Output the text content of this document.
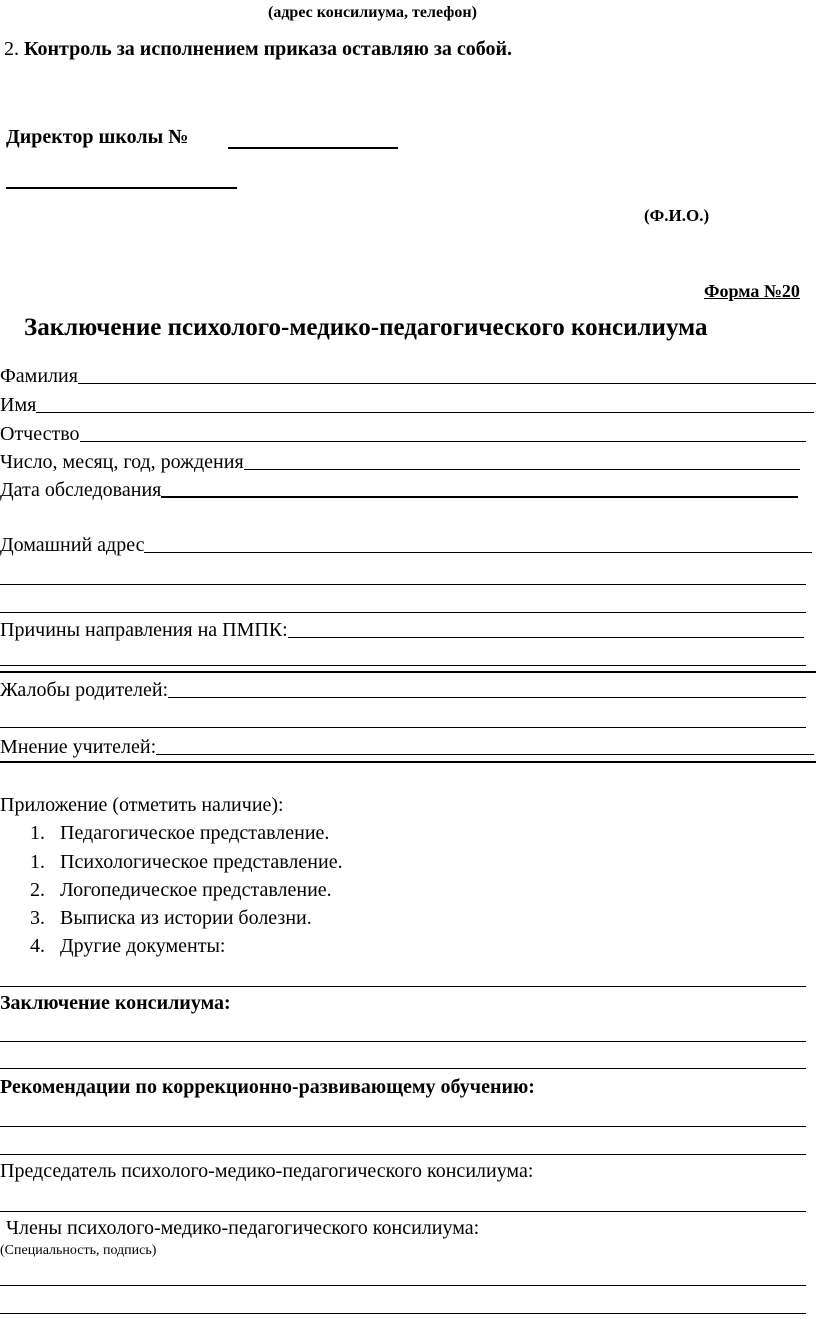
(адрес консилиума, телефон)
2. Контроль за исполнением приказа оставляю за собой.
Директор школы №
(Ф.И.О.)
Форма №20
Заключение психолого-медико-педагогического консилиума
Фамилия
Имя
Отчество
Число, месяц, год, рождения
Дата обследования
Домашний адрес
Причины направления на ПМПК:
Жалобы родителей:
Мнение учителей:
Приложение (отметить наличие):
1. Педагогическое представление.
1. Психологическое представление.
2. Логопедическое представление.
3. Выписка из истории болезни.
4. Другие документы:
Заключение консилиума:
Рекомендации по коррекционно-развивающему обучению:
Председатель психолого-медико-педагогического консилиума:
Члены психолого-медико-педагогического консилиума:
(Специальность, подпись)
